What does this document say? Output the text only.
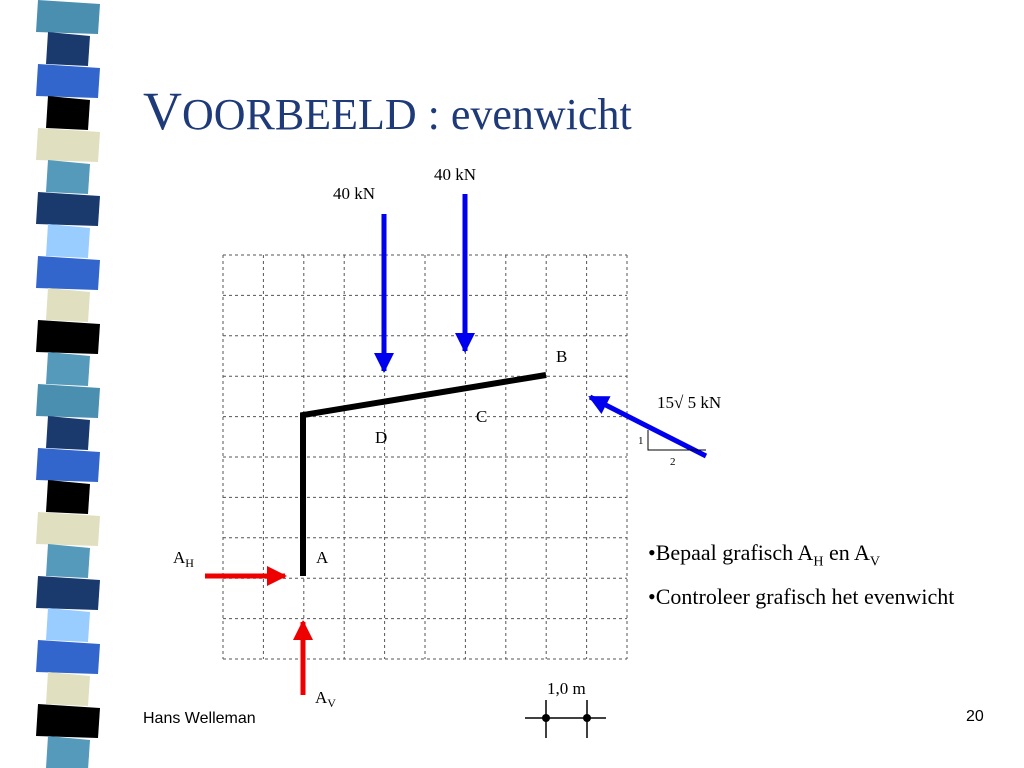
VOORBEELD : evenwicht
40 kN
40 kN
15√ 5 kN
1
2
B
C
D
A
$A_H$
$A_V$
1,0 m
•Bepaal grafisch $A_H$ en $A_V$
•Controleer grafisch het evenwicht
Hans Welleman	20
